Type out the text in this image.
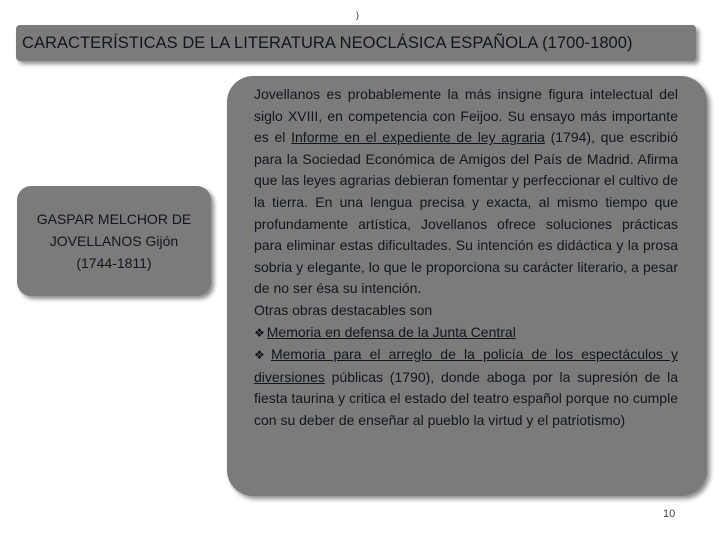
)
CARACTERÍSTICAS DE LA LITERATURA NEOCLÁSICA ESPAÑOLA (1700-1800)
GASPAR MELCHOR DE
JOVELLANOS Gijón
(1744-1811)

Jovellanos es probablemente la más insigne figura intelectual del siglo XVIII, en competencia con Feijoo. Su ensayo más importante es el Informe en el expediente de ley agraria (1794), que escribió para la Sociedad Económica de Amigos del País de Madrid. Afirma que las leyes agrarias debieran fomentar y perfeccionar el cultivo de la tierra. En una lengua precisa y exacta, al mismo tiempo que profundamente artística, Jovellanos ofrece soluciones prácticas para eliminar estas dificultades. Su intención es didáctica y la prosa sobria y elegante, lo que le proporciona su carácter literario, a pesar de no ser ésa su intención.

Otras obras destacables son

❖ Memoria en defensa de la Junta Central

❖ Memoria para el arreglo de la policía de los espectáculos y diversiones públicas (1790), donde aboga por la supresión de la fiesta taurina y critica el estado del teatro español porque no cumple con su deber de enseñar al pueblo la virtud y el patriotismo)

10
